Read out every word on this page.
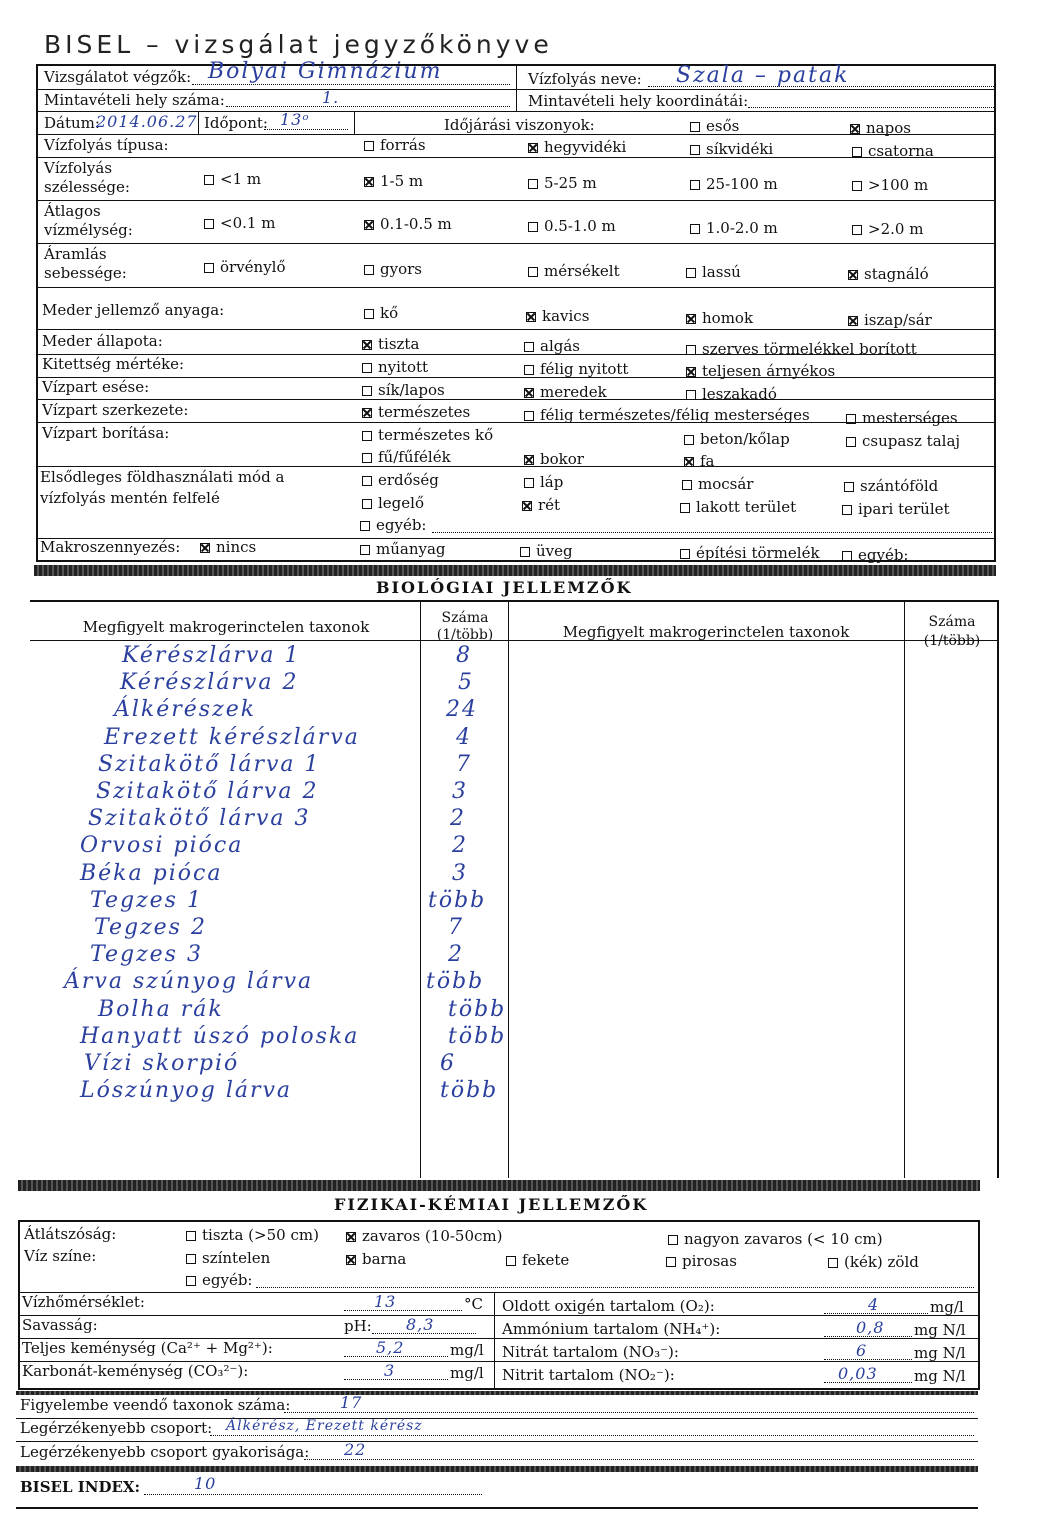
BISEL – vizsgálat jegyzőkönyve
Vizsgálatot végzők: Bolyai Gimnázium	Vízfolyás neve: Szala – patak
Mintavételi hely száma:	1.	Mintavételi hely koordinátái:
Dátum:
2014.06.27 Időpont: 13ᵒ	Időjárási viszonyok:	esős	napos
Vízfolyás típusa:	forrás	hegyvidéki	síkvidéki	csatorna
Vízfolyás
szélessége:	<1 m	1-5 m	5-25 m	25-100 m	>100 m
Átlagos
vízmélység:	<0.1 m	0.1-0.5 m	0.5-1.0 m	1.0-2.0 m	>2.0 m
Áramlás
sebessége:	örvénylő	gyors	mérsékelt	lassú	stagnáló
Meder jellemző anyaga:	kő	kavics	homok	iszap/sár
Meder állapota:	tiszta	algás	szerves törmelékkel borított
Kitettség mértéke:	nyitott	félig nyitott	teljesen árnyékos
Vízpart esése:	sík/lapos	meredek	leszakadó
Vízpart szerkezete:	természetes	félig természetes/félig mesterséges	mesterséges
Vízpart borítása:	természetes kő	beton/kőlap	csupasz talaj
fű/fűfélék	bokor	fa
Elsődleges földhasználati mód a
vízfolyás mentén felfelé
erdőség	láp	mocsár	szántóföld
legelő	rét	lakott terület	ipari terület
egyéb:
Makroszennyezés:	nincs	műanyag	üveg	építési törmelék	egyéb:
BIOLÓGIAI JELLEMZŐK
Megfigyelt makrogerinctelen taxonok	Száma
(1/több)	Megfigyelt makrogerinctelen taxonok
Száma
(1/több)
Kérészlárva 1	8
Kérészlárva 2	5
Álkérészek	24
Erezett kérészlárva	4
Szitakötő lárva 1	7
Szitakötő lárva 2	3
Szitakötő lárva 3	2
Orvosi pióca	2
Béka pióca	3
Tegzes 1	több
Tegzes 2	7
Tegzes 3	2
Árva szúnyog lárva	több
Bolha rák	több
Hanyatt úszó poloska	több
Vízi skorpió	6
Lószúnyog lárva	több
FIZIKAI-KÉMIAI JELLEMZŐK
Átlátszóság:	tiszta (>50 cm)	zavaros (10-50cm)	nagyon zavaros (< 10 cm)
Víz színe:	színtelen	barna	fekete	pirosas	(kék) zöld
egyéb:
Vízhőmérséklet:	13	°C Oldott oxigén tartalom (O₂):	4	mg/l
Savasság:	pH: 8,3	Ammónium tartalom (NH₄⁺):	0,8 mg N/l
Teljes keménység (Ca²⁺ + Mg²⁺):	5,2	mg/l Nitrát tartalom (NO₃⁻):	6	mg N/l
Karbonát-keménység (CO₃²⁻):	3	mg/l Nitrit tartalom (NO₂⁻):	0,03 mg N/l
Figyelembe veendő taxonok száma:	17
Legérzékenyebb csoport: Álkérész, Erezett kérész
Legérzékenyebb csoport gyakorisága: 22
BISEL INDEX:	10
